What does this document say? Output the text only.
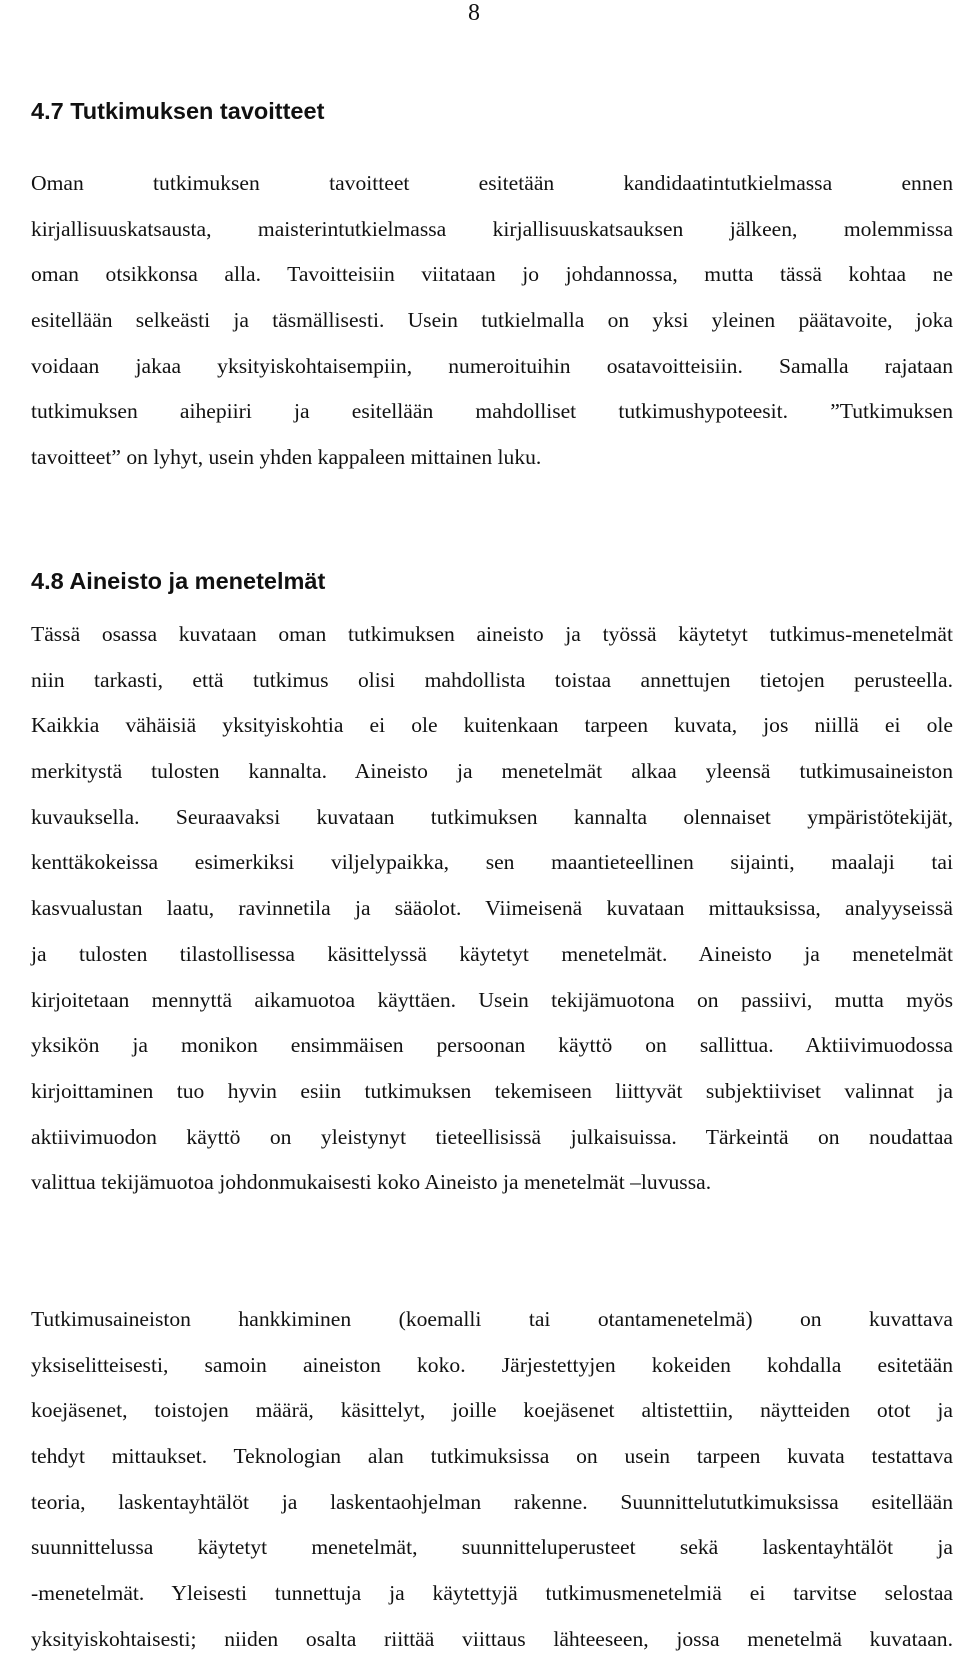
8
4.7 Tutkimuksen tavoitteet

Oman tutkimuksen tavoitteet esitetään kandidaatintutkielmassa ennen
kirjallisuuskatsausta, maisterintutkielmassa kirjallisuuskatsauksen jälkeen, molemmissa
oman otsikkonsa alla. Tavoitteisiin viitataan jo johdannossa, mutta tässä kohtaa ne
esitellään selkeästi ja täsmällisesti. Usein tutkielmalla on yksi yleinen päätavoite, joka
voidaan jakaa yksityiskohtaisempiin, numeroituihin osatavoitteisiin. Samalla rajataan
tutkimuksen aihepiiri ja esitellään mahdolliset tutkimushypoteesit. ”Tutkimuksen
tavoitteet” on lyhyt, usein yhden kappaleen mittainen luku.

4.8 Aineisto ja menetelmät

Tässä osassa kuvataan oman tutkimuksen aineisto ja työssä käytetyt tutkimus-menetelmät
niin tarkasti, että tutkimus olisi mahdollista toistaa annettujen tietojen perusteella.
Kaikkia vähäisiä yksityiskohtia ei ole kuitenkaan tarpeen kuvata, jos niillä ei ole
merkitystä tulosten kannalta. Aineisto ja menetelmät alkaa yleensä tutkimusaineiston
kuvauksella. Seuraavaksi kuvataan tutkimuksen kannalta olennaiset ympäristötekijät,
kenttäkokeissa esimerkiksi viljelypaikka, sen maantieteellinen sijainti, maalaji tai
kasvualustan laatu, ravinnetila ja sääolot. Viimeisenä kuvataan mittauksissa, analyyseissä
ja tulosten tilastollisessa käsittelyssä käytetyt menetelmät. Aineisto ja menetelmät
kirjoitetaan mennyttä aikamuotoa käyttäen. Usein tekijämuotona on passiivi, mutta myös
yksikön ja monikon ensimmäisen persoonan käyttö on sallittua. Aktiivimuodossa
kirjoittaminen tuo hyvin esiin tutkimuksen tekemiseen liittyvät subjektiiviset valinnat ja
aktiivimuodon käyttö on yleistynyt tieteellisissä julkaisuissa. Tärkeintä on noudattaa
valittua tekijämuotoa johdonmukaisesti koko Aineisto ja menetelmät –luvussa.

Tutkimusaineiston hankkiminen (koemalli tai otantamenetelmä) on kuvattava
yksiselitteisesti, samoin aineiston koko. Järjestettyjen kokeiden kohdalla esitetään
koejäsenet, toistojen määrä, käsittelyt, joille koejäsenet altistettiin, näytteiden otot ja
tehdyt mittaukset. Teknologian alan tutkimuksissa on usein tarpeen kuvata testattava
teoria, laskentayhtälöt ja laskentaohjelman rakenne. Suunnittelututkimuksissa esitellään
suunnittelussa käytetyt menetelmät, suunnitteluperusteet sekä laskentayhtälöt ja
-menetelmät. Yleisesti tunnettuja ja käytettyjä tutkimusmenetelmiä ei tarvitse selostaa
yksityiskohtaisesti; niiden osalta riittää viittaus lähteeseen, jossa menetelmä kuvataan.
